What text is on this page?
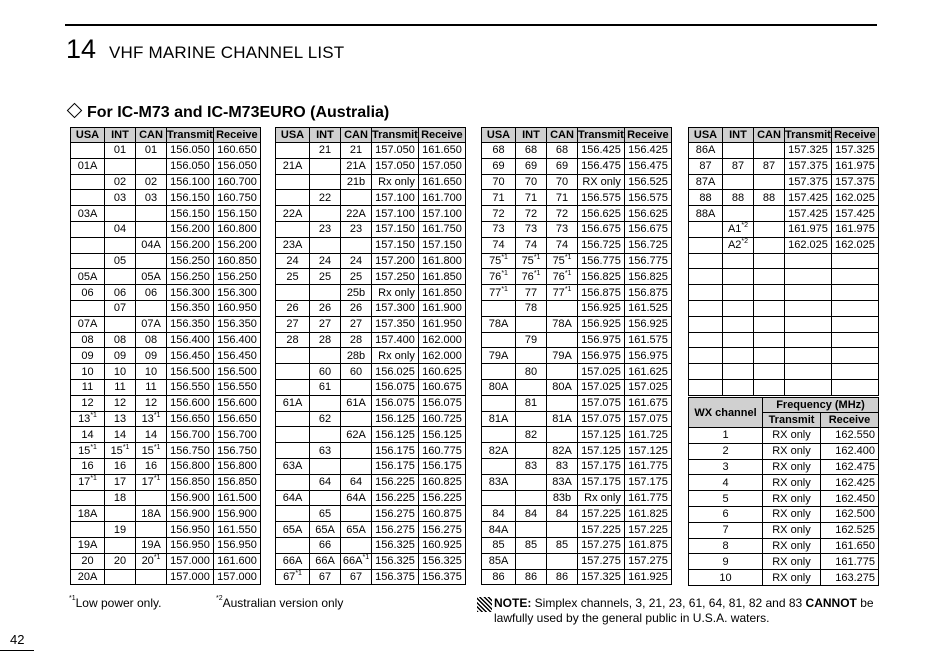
14 VHF MARINE CHANNEL LIST
For IC-M73 and IC-M73EURO (Australia)
USA	INT	CAN	Transmit	Receive
	01	01	156.050	160.650
01A			156.050	156.050
	02	02	156.100	160.700
	03	03	156.150	160.750
03A			156.150	156.150
	04		156.200	160.800
		04A	156.200	156.200
	05		156.250	160.850
05A		05A	156.250	156.250
06	06	06	156.300	156.300
	07		156.350	160.950
07A		07A	156.350	156.350
08	08	08	156.400	156.400
09	09	09	156.450	156.450
10	10	10	156.500	156.500
11	11	11	156.550	156.550
12	12	12	156.600	156.600
13$^{*1}$	13	13$^{*1}$	156.650	156.650
14	14	14	156.700	156.700
15$^{*1}$	15$^{*1}$	15$^{*1}$	156.750	156.750
16	16	16	156.800	156.800
17$^{*1}$	17	17$^{*1}$	156.850	156.850
	18		156.900	161.500
18A		18A	156.900	156.900
	19		156.950	161.550
19A		19A	156.950	156.950
20	20	20$^{*1}$	157.000	161.600
20A			157.000	157.000
USA	INT	CAN	Transmit	Receive
	21	21	157.050	161.650
21A		21A	157.050	157.050
		21b	Rx only	161.650
	22		157.100	161.700
22A		22A	157.100	157.100
	23	23	157.150	161.750
23A			157.150	157.150
24	24	24	157.200	161.800
25	25	25	157.250	161.850
		25b	Rx only	161.850
26	26	26	157.300	161.900
27	27	27	157.350	161.950
28	28	28	157.400	162.000
		28b	Rx only	162.000
	60	60	156.025	160.625
	61		156.075	160.675
61A		61A	156.075	156.075
	62		156.125	160.725
		62A	156.125	156.125
	63		156.175	160.775
63A			156.175	156.175
	64	64	156.225	160.825
64A		64A	156.225	156.225
	65		156.275	160.875
65A	65A	65A	156.275	156.275
	66		156.325	160.925
66A	66A	$66A^{*1}$	156.325	156.325
67$^{*1}$	67	67	156.375	156.375
USA	INT	CAN	Transmit	Receive
68	68	68	156.425	156.425
69	69	69	156.475	156.475
70	70	70	RX only	156.525
71	71	71	156.575	156.575
72	72	72	156.625	156.625
73	73	73	156.675	156.675
74	74	74	156.725	156.725
75$^{*1}$	75$^{*1}$	75$^{*1}$	156.775	156.775
76$^{*1}$	76$^{*1}$	76$^{*1}$	156.825	156.825
77$^{*1}$	77	77$^{*1}$	156.875	156.875
	78		156.925	161.525
78A		78A	156.925	156.925
	79		156.975	161.575
79A		79A	156.975	156.975
	80		157.025	161.625
80A		80A	157.025	157.025
	81		157.075	161.675
81A		81A	157.075	157.075
	82		157.125	161.725
82A		82A	157.125	157.125
	83	83	157.175	161.775
83A		83A	157.175	157.175
		83b	Rx only	161.775
84	84	84	157.225	161.825
84A			157.225	157.225
85	85	85	157.275	161.875
85A			157.275	157.275
86	86	86	157.325	161.925
USA	INT	CAN	Transmit	Receive
86A			157.325	157.325
87	87	87	157.375	161.975
87A			157.375	157.375
88	88	88	157.425	162.025
88A			157.425	157.425
	A1$^{*2}$		161.975	161.975
	A2$^{*2}$		162.025	162.025

WX channel	Frequency (MHz)	
	Transmit	Receive
1	RX only	162.550
2	RX only	162.400
3	RX only	162.475
4	RX only	162.425
5	RX only	162.450
6	RX only	162.500
7	RX only	162.525
8	RX only	161.650
9	RX only	161.775
10	RX only	163.275
$^{*1}$Low power only.	$^{*2}$Australian version only	NOTE: Simplex channels, 3, 21, 23, 61, 64, 81, 82 and 83 CANNOT be lawfully used by the general public in U.S.A. waters.
42
